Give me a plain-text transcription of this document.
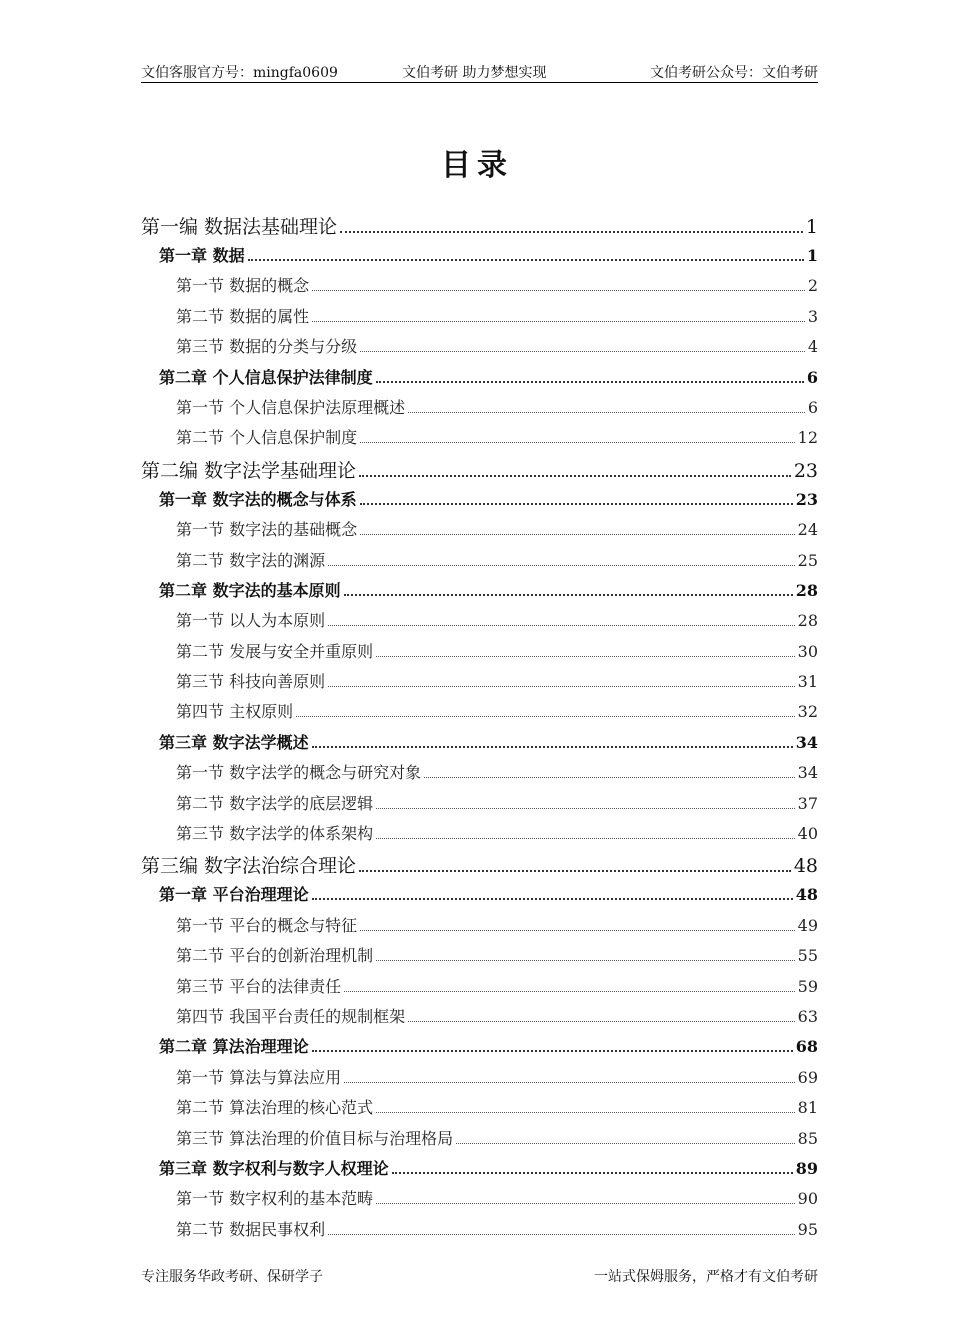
文伯客服官方号：mingfa0609	文伯考研 助力梦想实现	文伯考研公众号：文伯考研
目录
第一编 数据法基础理论	1
第一章 数据	1
第一节 数据的概念	2
第二节 数据的属性	3
第三节 数据的分类与分级	4
第二章 个人信息保护法律制度	6
第一节 个人信息保护法原理概述	6
第二节 个人信息保护制度	12
第二编 数字法学基础理论	23
第一章 数字法的概念与体系	23
第一节 数字法的基础概念	24
第二节 数字法的渊源	25
第二章 数字法的基本原则	28
第一节 以人为本原则	28
第二节 发展与安全并重原则	30
第三节 科技向善原则	31
第四节 主权原则	32
第三章 数字法学概述	34
第一节 数字法学的概念与研究对象	34
第二节 数字法学的底层逻辑	37
第三节 数字法学的体系架构	40
第三编 数字法治综合理论	48
第一章 平台治理理论	48
第一节 平台的概念与特征	49
第二节 平台的创新治理机制	55
第三节 平台的法律责任	59
第四节 我国平台责任的规制框架	63
第二章 算法治理理论	68
第一节 算法与算法应用	69
第二节 算法治理的核心范式	81
第三节 算法治理的价值目标与治理格局	85
第三章 数字权利与数字人权理论	89
第一节 数字权利的基本范畴	90
第二节 数据民事权利	95
专注服务华政考研、保研学子	一站式保姆服务，严格才有文伯考研
